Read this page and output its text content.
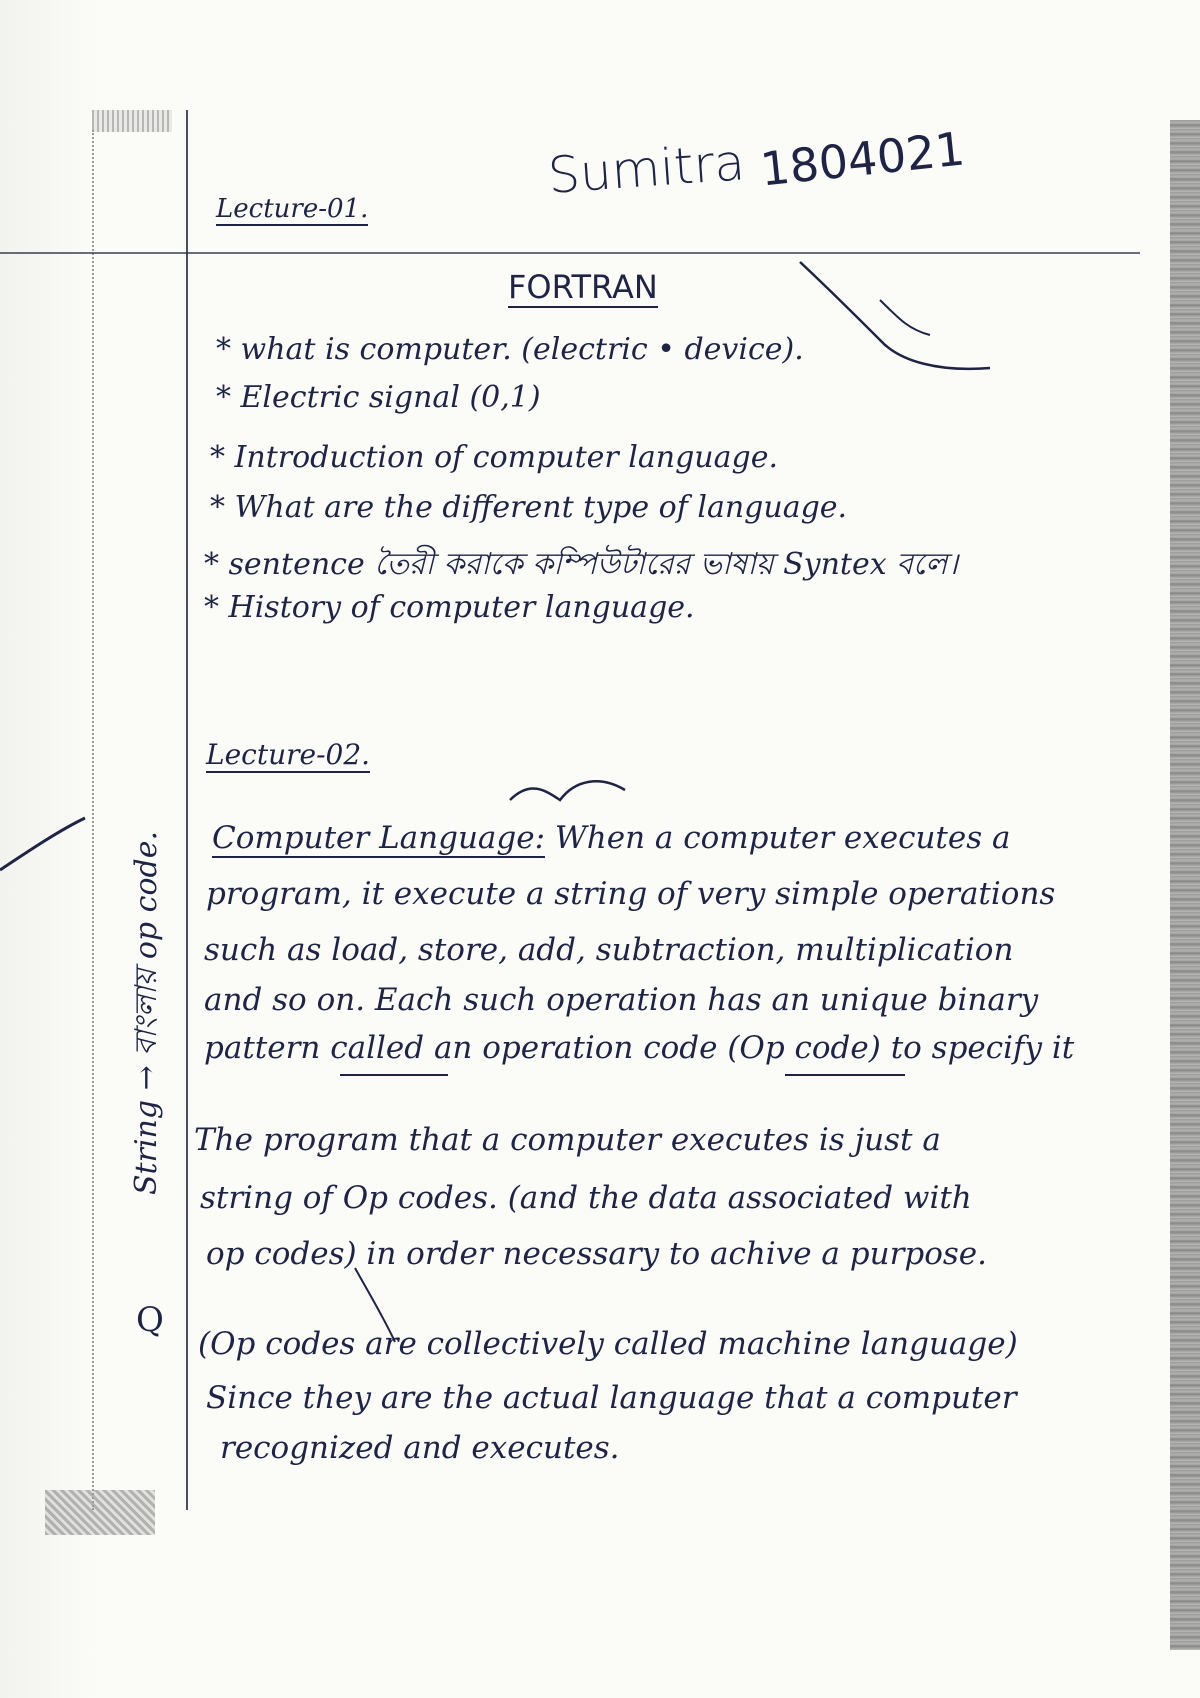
Sumitra 1804021
Lecture-01.
FORTRAN
* what is computer. (electric • device).
* Electric signal (0,1)
* Introduction of computer language.
* What are the different type of language.
* sentence তৈরী করাকে কম্পিউটারের ভাষায় Syntex বলে।
* History of computer language.
Lecture-02.
Computer Language: When a computer executes a
program, it execute a string of very simple operations
such as load, store, add, subtraction, multiplication
and so on. Each such operation has an unique binary
pattern called an operation code (Op code) to specify it
The program that a computer executes is just a
string of Op codes. (and the data associated with
op codes) in order necessary to achive a purpose.
(Op codes are collectively called machine language)
Since they are the actual language that a computer
recognized and executes.
String → বাংলায় op code.
Q
